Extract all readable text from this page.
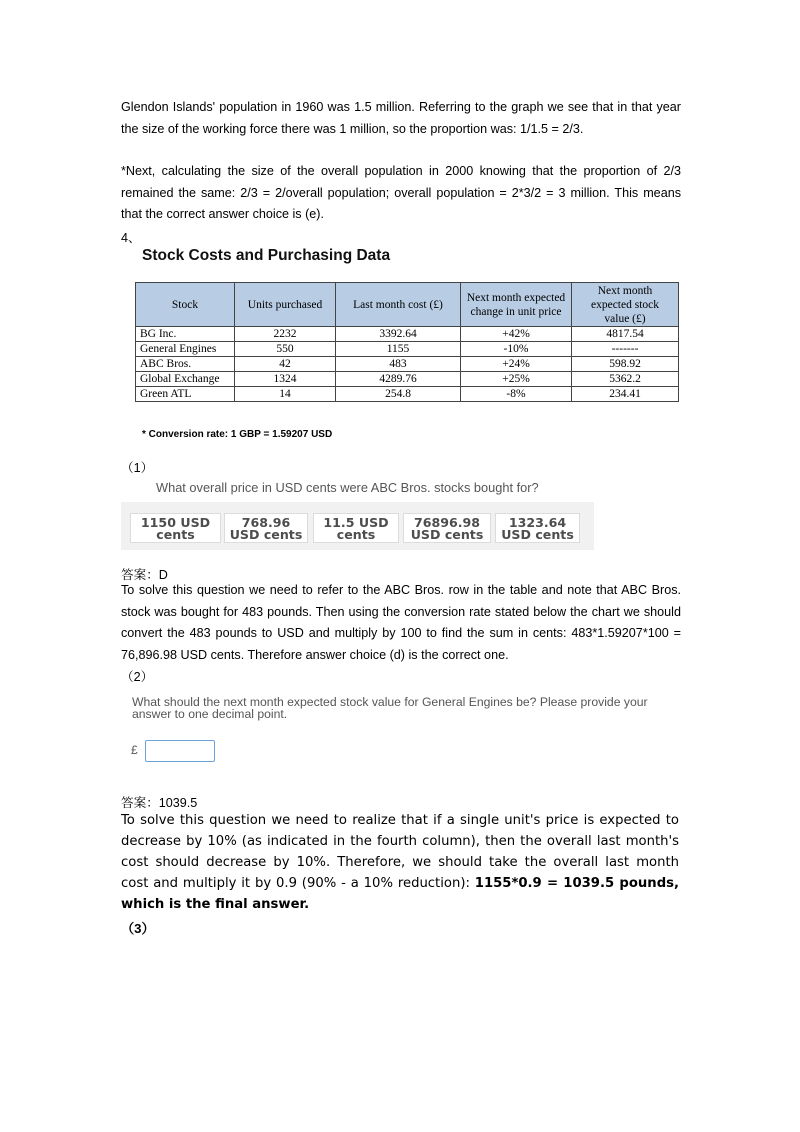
Glendon Islands' population in 1960 was 1.5 million. Referring to the graph we see that in that year
the size of the working force there was 1 million, so the proportion was: 1/1.5 = 2/3.
*Next, calculating the size of the overall population in 2000 knowing that the proportion of 2/3
remained the same: 2/3 = 2/overall population; overall population = 2*3/2 = 3 million. This means
that the correct answer choice is (e).

4、

Stock Costs and Purchasing Data

Stock	Units purchased	Last month cost (£)	Next month expected change in unit price	Next month expected stock value (£)
BG Inc.	2232	3392.64	+42%	4817.54
General Engines	550	1155	-10%	-------
ABC Bros.	42	483	+24%	598.92
Global Exchange	1324	4289.76	+25%	5362.2
Green ATL	14	254.8	-8%	234.41

* Conversion rate: 1 GBP = 1.59207 USD

（1）

What overall price in USD cents were ABC Bros. stocks bought for?

1150 USD
cents
768.96
USD cents
11.5 USD
cents
76896.98
USD cents
1323.64
USD cents

答案：D

To solve this question we need to refer to the ABC Bros. row in the table and note that ABC Bros.
stock was bought for 483 pounds. Then using the conversion rate stated below the chart we should
convert the 483 pounds to USD and multiply by 100 to find the sum in cents: 483*1.59207*100 =
76,896.98 USD cents. Therefore answer choice (d) is the correct one.

（2）

What should the next month expected stock value for General Engines be? Please provide your
answer to one decimal point.

£

答案：1039.5

To solve this question we need to realize that if a single unit's price is expected to
decrease by 10% (as indicated in the fourth column), then the overall last month's
cost should decrease by 10%. Therefore, we should take the overall last month
cost and multiply it by 0.9 (90% - a 10% reduction): 1155*0.9 = 1039.5 pounds,
which is the final answer.

（3）
